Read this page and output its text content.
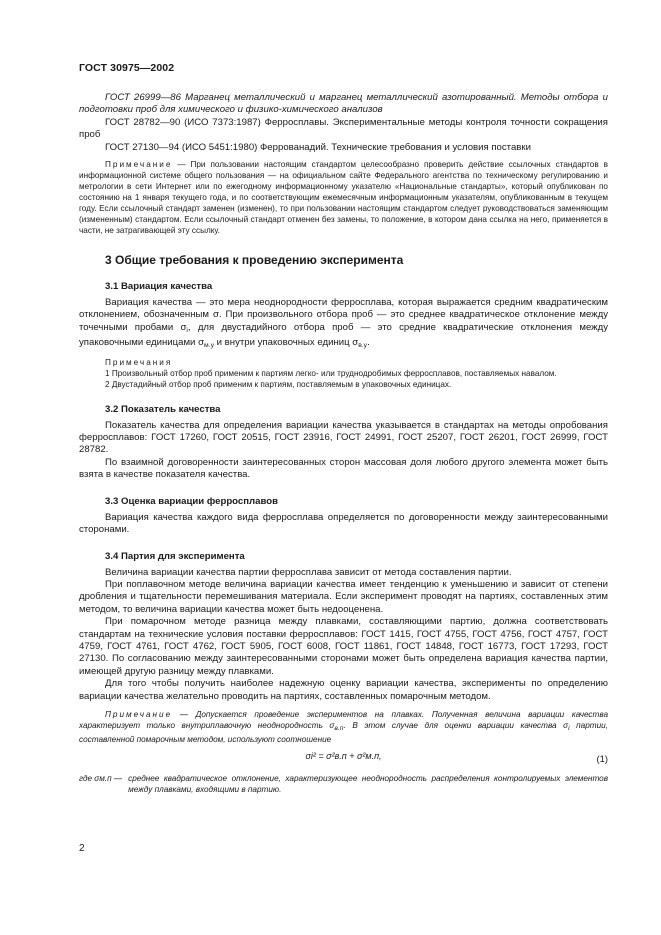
ГОСТ 30975—2002

ГОСТ 26999—86 Марганец металлический и марганец металлический азотированный. Методы отбора и подготовки проб для химического и физико-химического анализов

ГОСТ 28782—90 (ИСО 7373:1987) Ферросплавы. Экспериментальные методы контроля точности сокращения проб

ГОСТ 27130—94 (ИСО 5451:1980) Феррованадий. Технические требования и условия поставки

Примечание — При пользовании настоящим стандартом целесообразно проверить действие ссылочных стандартов в информационной системе общего пользования — на официальном сайте Федерального агентства по техническому регулированию и метрологии в сети Интернет или по ежегодному информационному указателю «Национальные стандарты», который опубликован по состоянию на 1 января текущего года, и по соответствующим ежемесячным информационным указателям, опубликованным в текущем году. Если ссылочный стандарт заменен (изменен), то при пользовании настоящим стандартом следует руководствоваться заменяющим (измененным) стандартом. Если ссылочный стандарт отменен без замены, то положение, в котором дана ссылка на него, применяется в части, не затрагивающей эту ссылку.

3 Общие требования к проведению эксперимента
3.1 Вариация качества

Вариация качества — это мера неоднородности ферросплава, которая выражается средним квадратическим отклонением, обозначенным σ. При произвольного отбора проб — это среднее квадратическое отклонение между точечными пробами $\sigma_i$, для двустадийного отбора проб — это средние квадратические отклонения между упаковочными единицами $\sigma_{м.у}$ и внутри упаковочных единиц $\sigma_{в.у}$.

Примечания

1 Произвольный отбор проб применим к партиям легко- или труднодробимых ферросплавов, поставляемых навалом.

2 Двустадийный отбор проб применим к партиям, поставляемым в упаковочных единицах.

3.2 Показатель качества

Показатель качества для определения вариации качества указывается в стандартах на методы опробования ферросплавов: ГОСТ 17260, ГОСТ 20515, ГОСТ 23916, ГОСТ 24991, ГОСТ 25207, ГОСТ 26201, ГОСТ 26999, ГОСТ 28782.

По взаимной договоренности заинтересованных сторон массовая доля любого другого элемента может быть взята в качестве показателя качества.

3.3 Оценка вариации ферросплавов

Вариация качества каждого вида ферросплава определяется по договоренности между заинтересованными сторонами.

3.4 Партия для эксперимента

Величина вариации качества партии ферросплава зависит от метода составления партии.

При поплавочном методе величина вариации качества имеет тенденцию к уменьшению и зависит от степени дробления и тщательности перемешивания материала. Если эксперимент проводят на партиях, составленных этим методом, то величина вариации качества может быть недооценена.

При помарочном методе разница между плавками, составляющими партию, должна соответствовать стандартам на технические условия поставки ферросплавов: ГОСТ 1415, ГОСТ 4755, ГОСТ 4756, ГОСТ 4757, ГОСТ 4759, ГОСТ 4761, ГОСТ 4762, ГОСТ 5905, ГОСТ 6008, ГОСТ 11861, ГОСТ 14848, ГОСТ 16773, ГОСТ 17293, ГОСТ 27130. По согласованию между заинтересованными сторонами может быть определена вариация качества партии, имеющей другую разницу между плавками.

Для того чтобы получить наиболее надежную оценку вариации качества, эксперименты по определению вариации качества желательно проводить на партиях, составленных помарочным методом.

Примечание — Допускается проведение экспериментов на плавках. Полученная величина вариации качества характеризует только внутриплавочную неоднородность $\sigma_{в.п}$. В этом случае для оценки вариации качества $\sigma_i$ партии, составленной помарочным методом, используют соотношение

σi² = σ²в.п + σ²м.п,	(1)
где σм.п — среднее квадратическое отклонение, характеризующее неоднородность распределения контролируемых элементов между плавками, входящими в партию.
2
